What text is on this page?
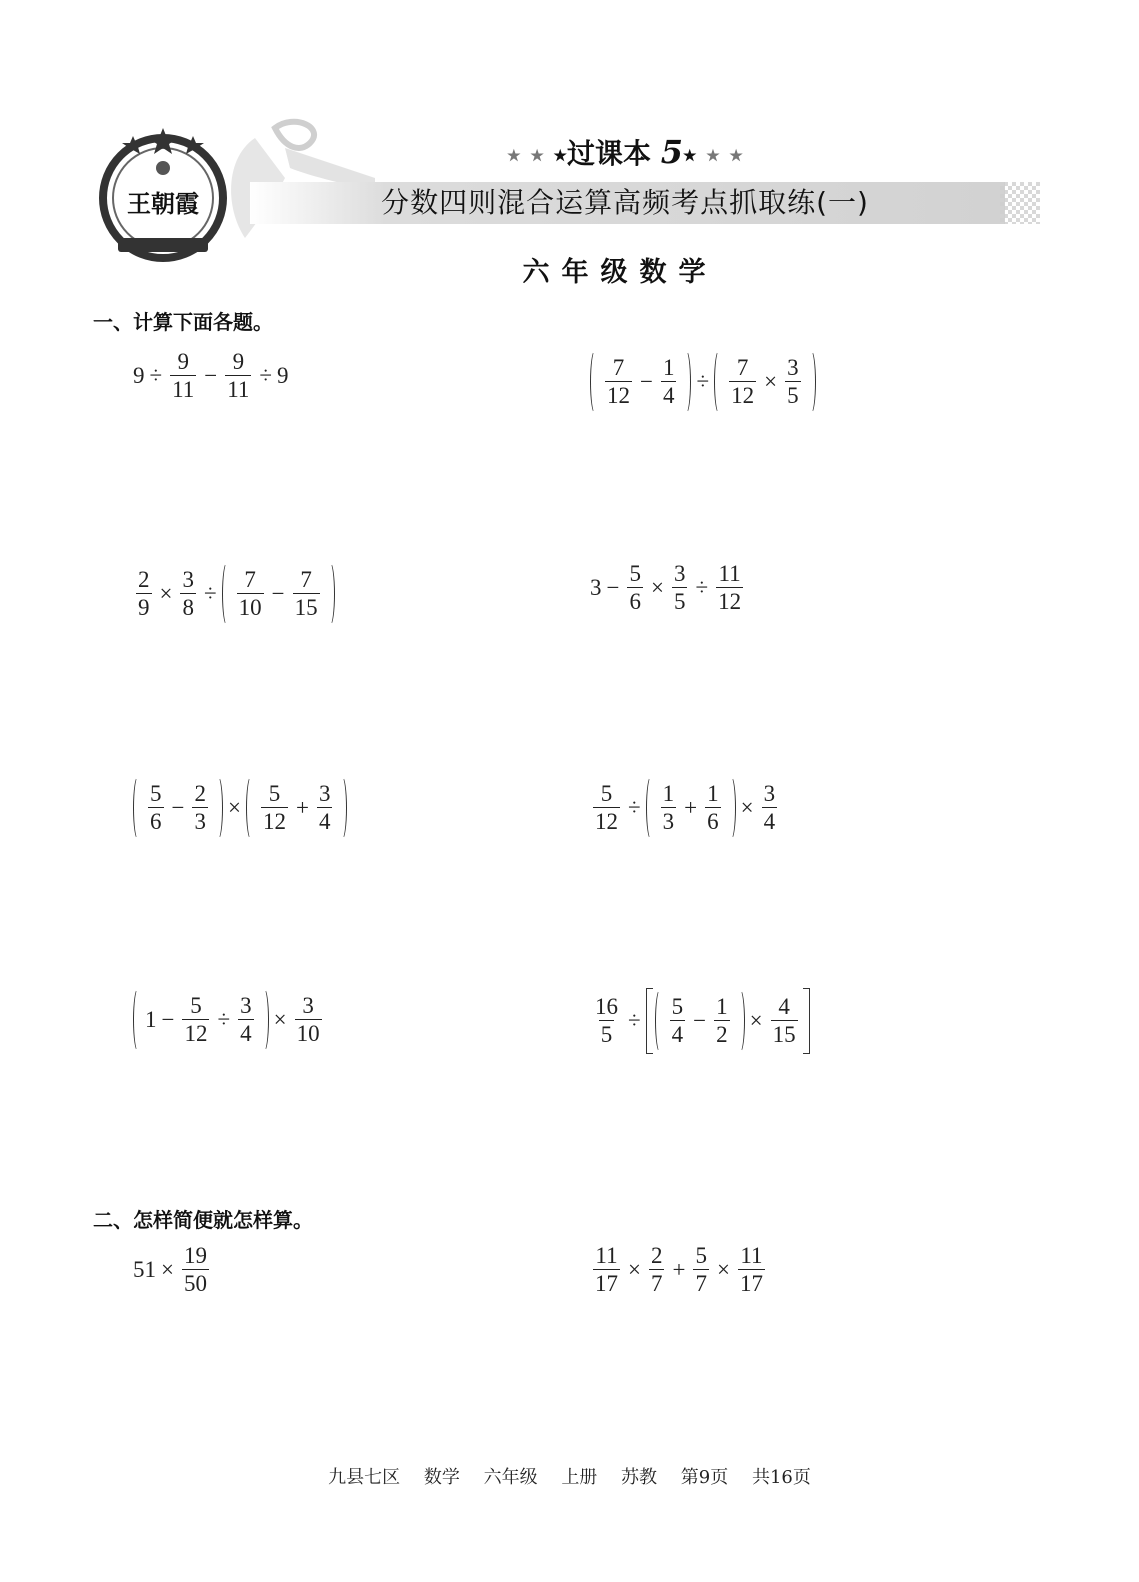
王朝霞
★ ★ ★过课本 5★ ★ ★
分数四则混合运算高频考点抓取练(一)
六年级数学
一、计算下面各题。
$9 \div \frac{9}{11} - \frac{9}{11} \div 9$	$\frac{7}{12} - \frac{1}{4} \div \frac{7}{12} \times \frac{3}{5}$
$\frac{2}{9} \times \frac{3}{8} \div \frac{7}{10} - \frac{7}{15}$	$3 - \frac{5}{6} \times \frac{3}{5} \div \frac{11}{12}$
$\frac{5}{6} - \frac{2}{3} \times \frac{5}{12} + \frac{3}{4}$	$\frac{5}{12} \div \frac{1}{3} + \frac{1}{6} \times \frac{3}{4}$
$1 - \frac{5}{12} \div \frac{3}{4} \times \frac{3}{10}$	$\frac{16}{5} \div \frac{5}{4} - \frac{1}{2} \times \frac{4}{15}$
二、怎样简便就怎样算。
$51 \times \frac{19}{50}$	$\frac{11}{17} \times \frac{2}{7} + \frac{5}{7} \times \frac{11}{17}$
九县七区 数学 六年级 上册 苏教 第9页 共16页
